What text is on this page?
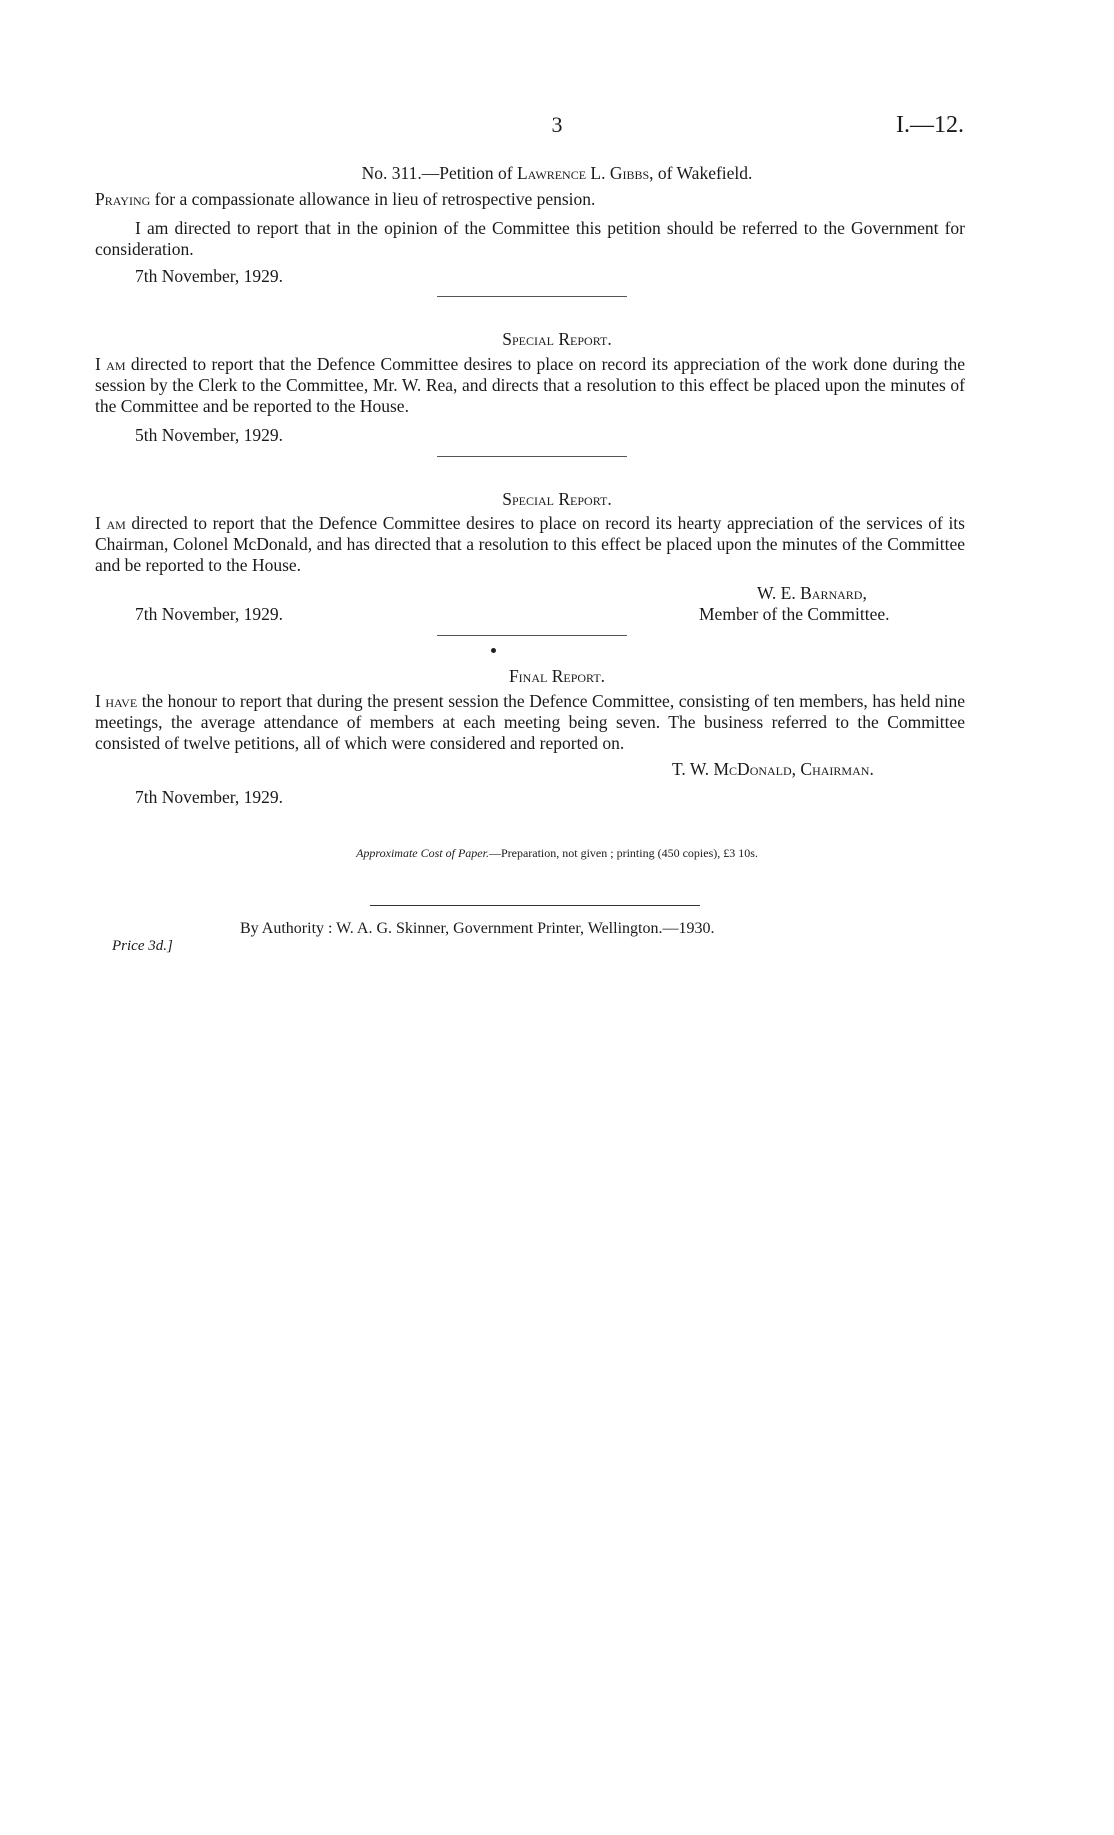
3	I.—12.
No. 311.—Petition of Lawrence L. Gibbs, of Wakefield.
Praying for a compassionate allowance in lieu of retrospective pension.
I am directed to report that in the opinion of the Committee this petition should be referred to the Government for consideration.
7th November, 1929.
Special Report.
I am directed to report that the Defence Committee desires to place on record its appreciation of the work done during the session by the Clerk to the Committee, Mr. W. Rea, and directs that a resolution to this effect be placed upon the minutes of the Committee and be reported to the House.
5th November, 1929.
Special Report.
I am directed to report that the Defence Committee desires to place on record its hearty appreciation of the services of its Chairman, Colonel McDonald, and has directed that a resolution to this effect be placed upon the minutes of the Committee and be reported to the House.
W. E. Barnard,
7th November, 1929.	Member of the Committee.
Final Report.
I have the honour to report that during the present session the Defence Committee, consisting of ten members, has held nine meetings, the average attendance of members at each meeting being seven. The business referred to the Committee consisted of twelve petitions, all of which were considered and reported on.
T. W. McDonald, Chairman.
7th November, 1929.
Approximate Cost of Paper.—Preparation, not given ; printing (450 copies), £3 10s.
By Authority : W. A. G. Skinner, Government Printer, Wellington.—1930.
Price 3d.]
